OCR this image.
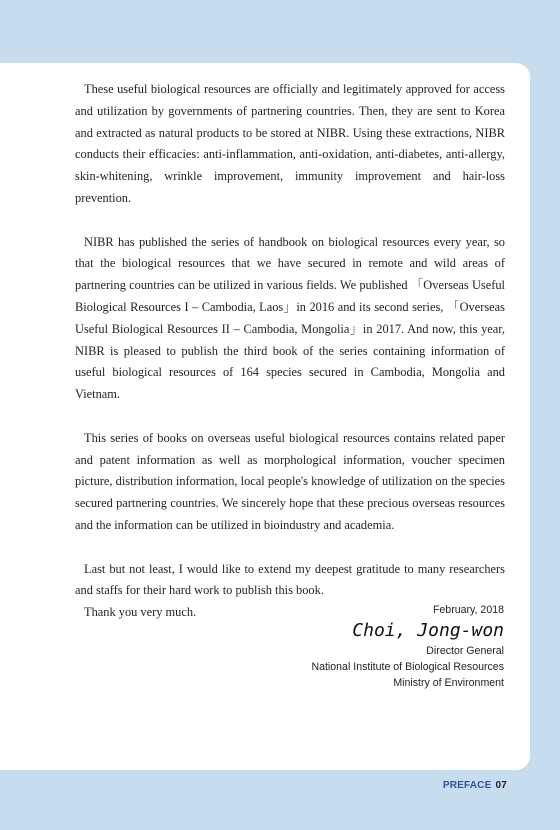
These useful biological resources are officially and legitimately approved for access and utilization by governments of partnering countries. Then, they are sent to Korea and extracted as natural products to be stored at NIBR. Using these extractions, NIBR conducts their efficacies: anti-inflammation, anti-oxidation, anti-diabetes, anti-allergy, skin-whitening, wrinkle improvement, immunity improvement and hair-loss prevention.

NIBR has published the series of handbook on biological resources every year, so that the biological resources that we have secured in remote and wild areas of partnering countries can be utilized in various fields. We published 「Overseas Useful Biological Resources I – Cambodia, Laos」in 2016 and its second series, 「Overseas Useful Biological Resources II – Cambodia, Mongolia」in 2017. And now, this year, NIBR is pleased to publish the third book of the series containing information of useful biological resources of 164 species secured in Cambodia, Mongolia and Vietnam.

This series of books on overseas useful biological resources contains related paper and patent information as well as morphological information, voucher specimen picture, distribution information, local people's knowledge of utilization on the species secured partnering countries. We sincerely hope that these precious overseas resources and the information can be utilized in bioindustry and academia.

Last but not least, I would like to extend my deepest gratitude to many researchers and staffs for their hard work to publish this book.

Thank you very much.	February, 2018
Choi, Jong-won
Director General
National Institute of Biological Resources
Ministry of Environment
PREFACE 07
